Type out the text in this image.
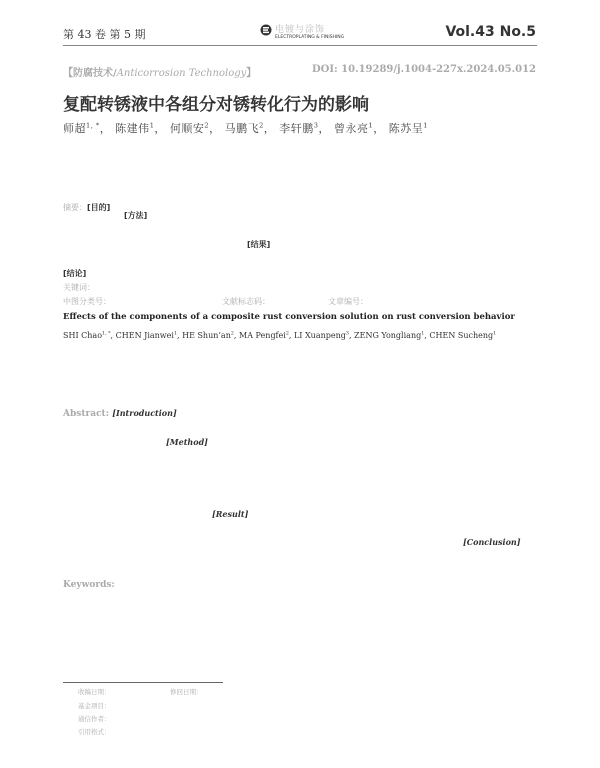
第 43 卷 第 5 期	电镀与涂饰
ELECTROPLATING & FINISHING	Vol.43 No.5
【防腐技术/Anticorrosion Technology】	DOI: 10.19289/j.1004-227x.2024.05.012
复配转锈液中各组分对锈转化行为的影响
师超$^{1, *}$， 陈建伟$^1$， 何顺安$^2$， 马鹏飞$^2$， 李轩鹏$^3$， 曾永亮$^1$， 陈苏呈$^1$
摘要：[目的]
[方法]
[结果]
[结论]
关键词：
中图分类号：	文献标志码：	文章编号：
Effects of the components of a composite rust conversion solution on rust conversion behavior
SHI Chao$^{1, *}$, CHEN Jianwei$^1$, HE $Shun’an^2$, MA Pengfei$^2$, LI Xuanpeng$^3$, ZENG Yongliang$^1$, CHEN Sucheng$^1$
Abstract: [Introduction]
[Method]
[Result]
[Conclusion]
Keywords:
收稿日期：	修回日期：
基金项目：
通信作者：
引用格式：
